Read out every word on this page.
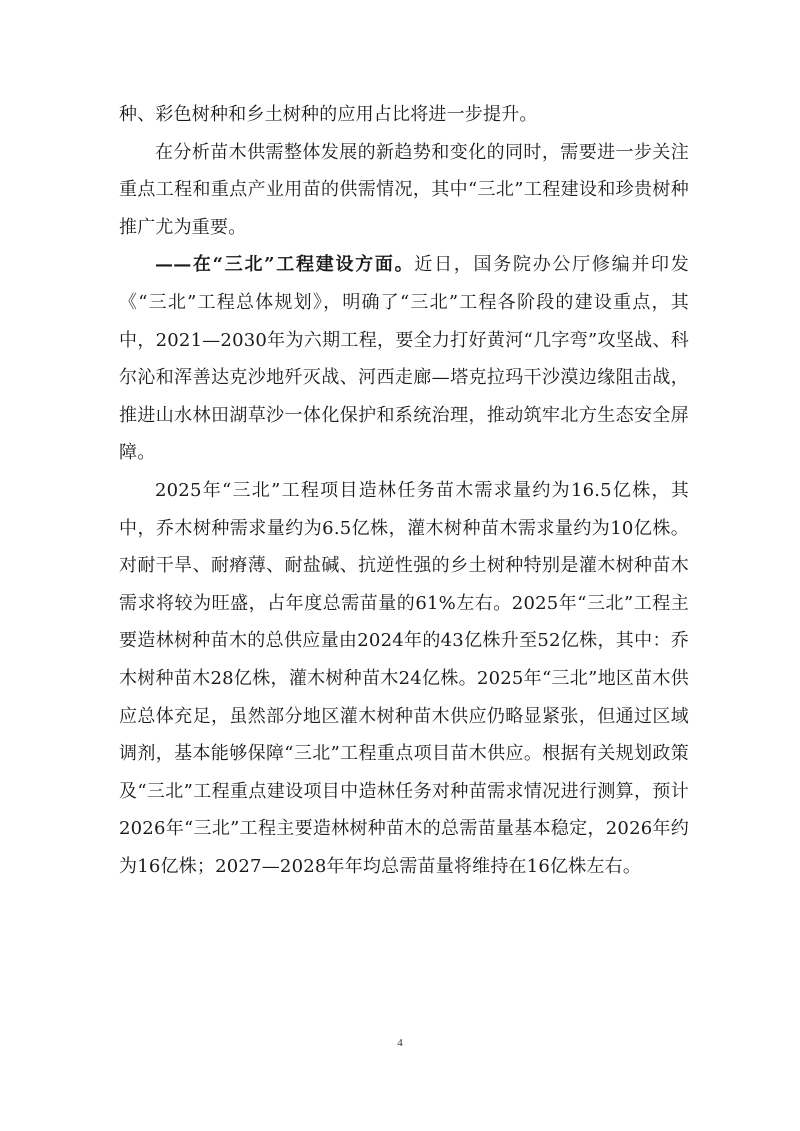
种、彩色树种和乡土树种的应用占比将进一步提升。

在分析苗木供需整体发展的新趋势和变化的同时，需要进一步关注重点工程和重点产业用苗的供需情况，其中“三北”工程建设和珍贵树种推广尤为重要。

——在“三北”工程建设方面。近日，国务院办公厅修编并印发《“三北”工程总体规划》，明确了“三北”工程各阶段的建设重点，其中，2021—2030年为六期工程，要全力打好黄河“几字弯”攻坚战、科尔沁和浑善达克沙地歼灭战、河西走廊—塔克拉玛干沙漠边缘阻击战，推进山水林田湖草沙一体化保护和系统治理，推动筑牢北方生态安全屏障。

2025年“三北”工程项目造林任务苗木需求量约为16.5亿株，其中，乔木树种需求量约为6.5亿株，灌木树种苗木需求量约为10亿株。对耐干旱、耐瘠薄、耐盐碱、抗逆性强的乡土树种特别是灌木树种苗木需求将较为旺盛，占年度总需苗量的61%左右。2025年“三北”工程主要造林树种苗木的总供应量由2024年的43亿株升至52亿株，其中：乔木树种苗木28亿株，灌木树种苗木24亿株。2025年“三北”地区苗木供应总体充足，虽然部分地区灌木树种苗木供应仍略显紧张，但通过区域调剂，基本能够保障“三北”工程重点项目苗木供应。根据有关规划政策及“三北”工程重点建设项目中造林任务对种苗需求情况进行测算，预计2026年“三北”工程主要造林树种苗木的总需苗量基本稳定，2026年约为16亿株；2027—2028年年均总需苗量将维持在16亿株左右。

4
